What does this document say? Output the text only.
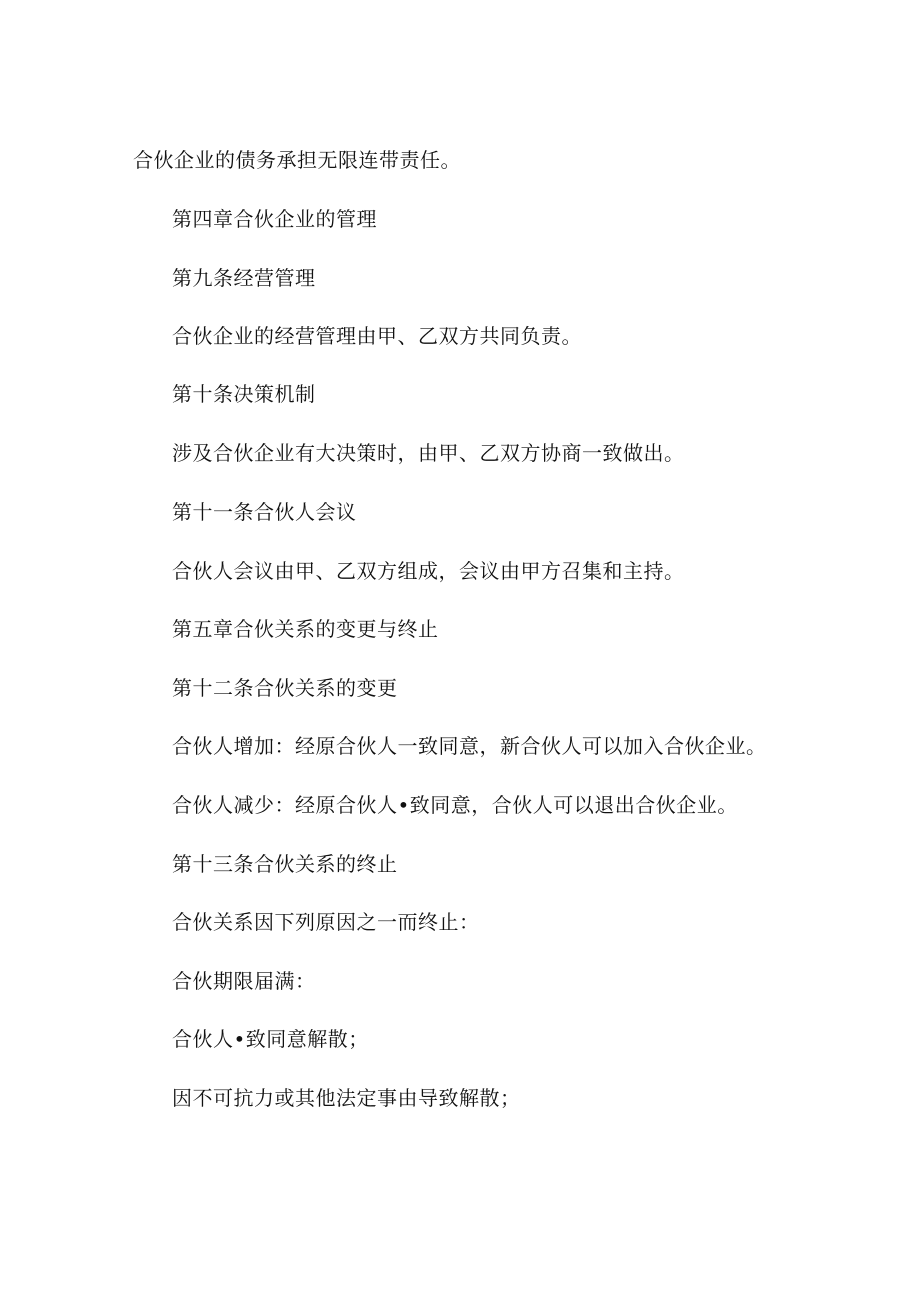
合伙企业的债务承担无限连带责任。

第四章合伙企业的管理

第九条经营管理

合伙企业的经营管理由甲、乙双方共同负责。

第十条决策机制

涉及合伙企业有大决策时，由甲、乙双方协商一致做出。

第十一条合伙人会议

合伙人会议由甲、乙双方组成，会议由甲方召集和主持。

第五章合伙关系的变更与终止

第十二条合伙关系的变更

合伙人增加：经原合伙人一致同意，新合伙人可以加入合伙企业。

合伙人减少：经原合伙人•致同意，合伙人可以退出合伙企业。

第十三条合伙关系的终止

合伙关系因下列原因之一而终止：

合伙期限届满：

合伙人•致同意解散；

因不可抗力或其他法定事由导致解散；
